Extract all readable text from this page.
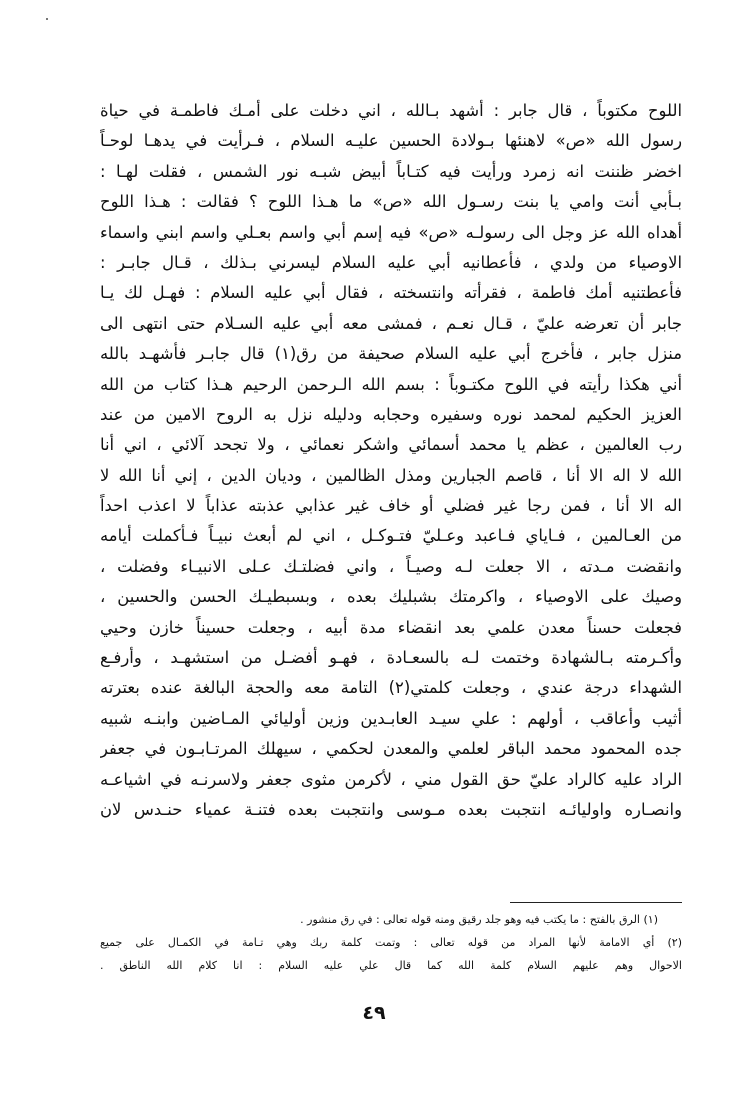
اللوح مكتوباً ، قال جابر : أشهد بـالله ، اني دخلت على أمـك فاطمـة في حياة
رسول الله «ص» لاهنئها بـولادة الحسين عليـه السلام ، فـرأيت في يدهـا لوحـاً
اخضر ظننت انه زمرد ورأيت فيه كتـاباً أبيض شبـه نور الشمس ، فقلت لهـا :
بـأبي أنت وامي يا بنت رسـول الله «ص» ما هـذا اللوح ؟ فقالت : هـذا اللوح
أهداه الله عز وجل الى رسولـه «ص» فيه إسم أبي واسم بعـلي واسم ابني واسماء
الاوصياء من ولدي ، فأعطانيه أبي عليه السلام ليسرني بـذلك ، قـال جابـر :
فأعطتنيه أمك فاطمة ، فقرأته وانتسخته ، فقال أبي عليه السلام : فهـل لك يـا
جابر أن تعرضه عليّ ، قـال نعـم ، فمشى معه أبي عليه السـلام حتى انتهى الى
منزل جابر ، فأخرج أبي عليه السلام صحيفة من رق(١) قال جابـر فأشهـد بالله
أني هكذا رأيته في اللوح مكتـوباً : بسم الله الـرحمن الرحيم هـذا كتاب من الله
العزيز الحكيم لمحمد نوره وسفيره وحجابه ودليله نزل به الروح الامين من عند
رب العالمين ، عظم يا محمد أسمائي واشكر نعمائي ، ولا تجحد آلائي ، اني أنا
الله لا اله الا أنا ، قاصم الجبارين ومذل الظالمين ، وديان الدين ، إني أنا الله لا
اله الا أنا ، فمن رجا غير فضلي أو خاف غير عذابي عذبته عذاباً لا اعذب احداً
من العـالمين ، فـاياي فـاعبد وعـليّ فتـوكـل ، اني لم أبعث نبيـاً فـأكملت أيامه
وانقضت مـدته ، الا جعلت لـه وصيـاً ، واني فضلتـك عـلى الانبيـاء وفضلت ،
وصيك على الاوصياء ، واكرمتك بشبليك بعده ، وبسبطيـك الحسن والحسين ،
فجعلت حسناً معدن علمي بعد انقضاء مدة أبيه ، وجعلت حسيناً خازن وحيي
وأكـرمته بـالشهادة وختمت لـه بالسعـادة ، فهـو أفضـل من استشهـد ، وأرفـع
الشهداء درجة عندي ، وجعلت كلمتي(٢) التامة معه والحجة البالغة عنده بعترته
أثيب وأعاقب ، أولهم : علي سيـد العابـدين وزين أوليائي المـاضين وابنـه شبيه
جده المحمود محمد الباقر لعلمي والمعدن لحكمي ، سيهلك المرتـابـون في جعفر
الراد عليه كالراد عليّ حق القول مني ، لأكرمن مثوى جعفر ولاسرنـه في اشياعـه
وانصـاره واوليائـه انتجبت بعده مـوسى وانتجبت بعده فتنـة عمياء حنـدس لان
(١) الرق بالفتح : ما يكتب فيه وهو جلد رقيق ومنه قوله تعالى : في رق منشور .
(٢) أي الامامة لأنها المراد من قوله تعالى : وتمت كلمة ربك وهي تـامة في الكمـال على جميع
الاحوال وهم عليهم السلام كلمة الله كما قال علي عليه السلام : انا كلام الله الناطق .
٤٩
